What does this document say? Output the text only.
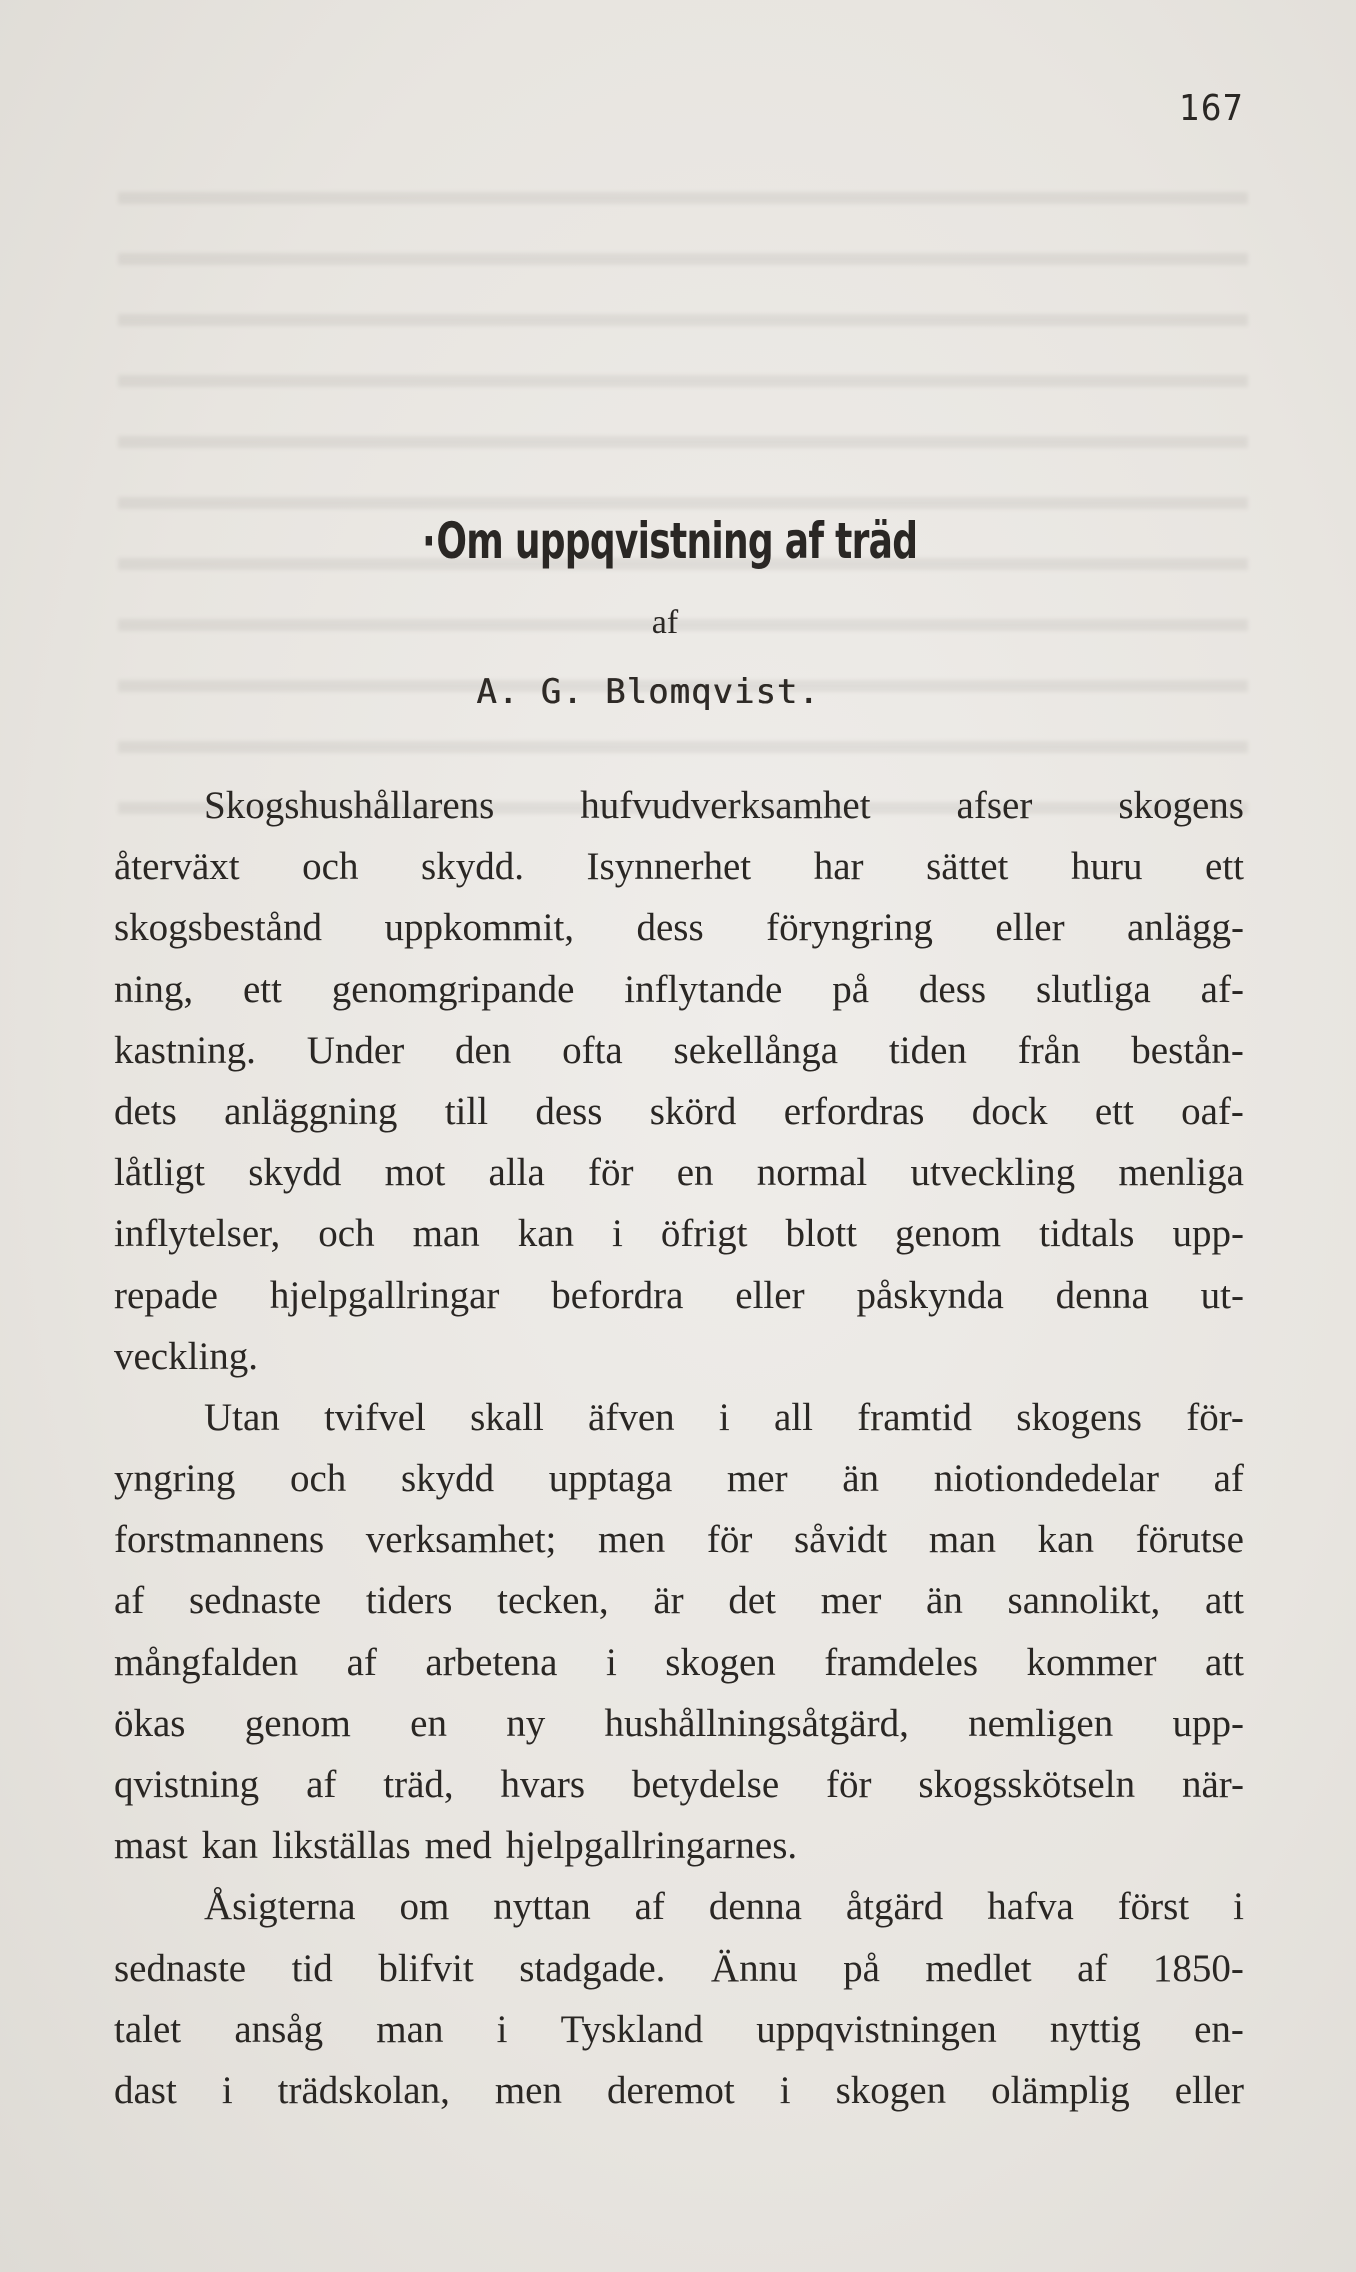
167
·Om uppqvistning af träd
af
A. G. Blomqvist.
Skogshushållarens hufvudverksamhet afser skogens
återväxt och skydd. Isynnerhet har sättet huru ett
skogsbestånd uppkommit, dess föryngring eller anlägg-
ning, ett genomgripande inflytande på dess slutliga af-
kastning. Under den ofta sekellånga tiden från bestån-
dets anläggning till dess skörd erfordras dock ett oaf-
låtligt skydd mot alla för en normal utveckling menliga
inflytelser, och man kan i öfrigt blott genom tidtals upp-
repade hjelpgallringar befordra eller påskynda denna ut-
veckling.
Utan tvifvel skall äfven i all framtid skogens för-
yngring och skydd upptaga mer än niotiondedelar af
forstmannens verksamhet; men för såvidt man kan förutse
af sednaste tiders tecken, är det mer än sannolikt, att
mångfalden af arbetena i skogen framdeles kommer att
ökas genom en ny hushållningsåtgärd, nemligen upp-
qvistning af träd, hvars betydelse för skogsskötseln när-
mast kan likställas med hjelpgallringarnes.
Åsigterna om nyttan af denna åtgärd hafva först i
sednaste tid blifvit stadgade. Ännu på medlet af 1850-
talet ansåg man i Tyskland uppqvistningen nyttig en-
dast i trädskolan, men deremot i skogen olämplig eller
